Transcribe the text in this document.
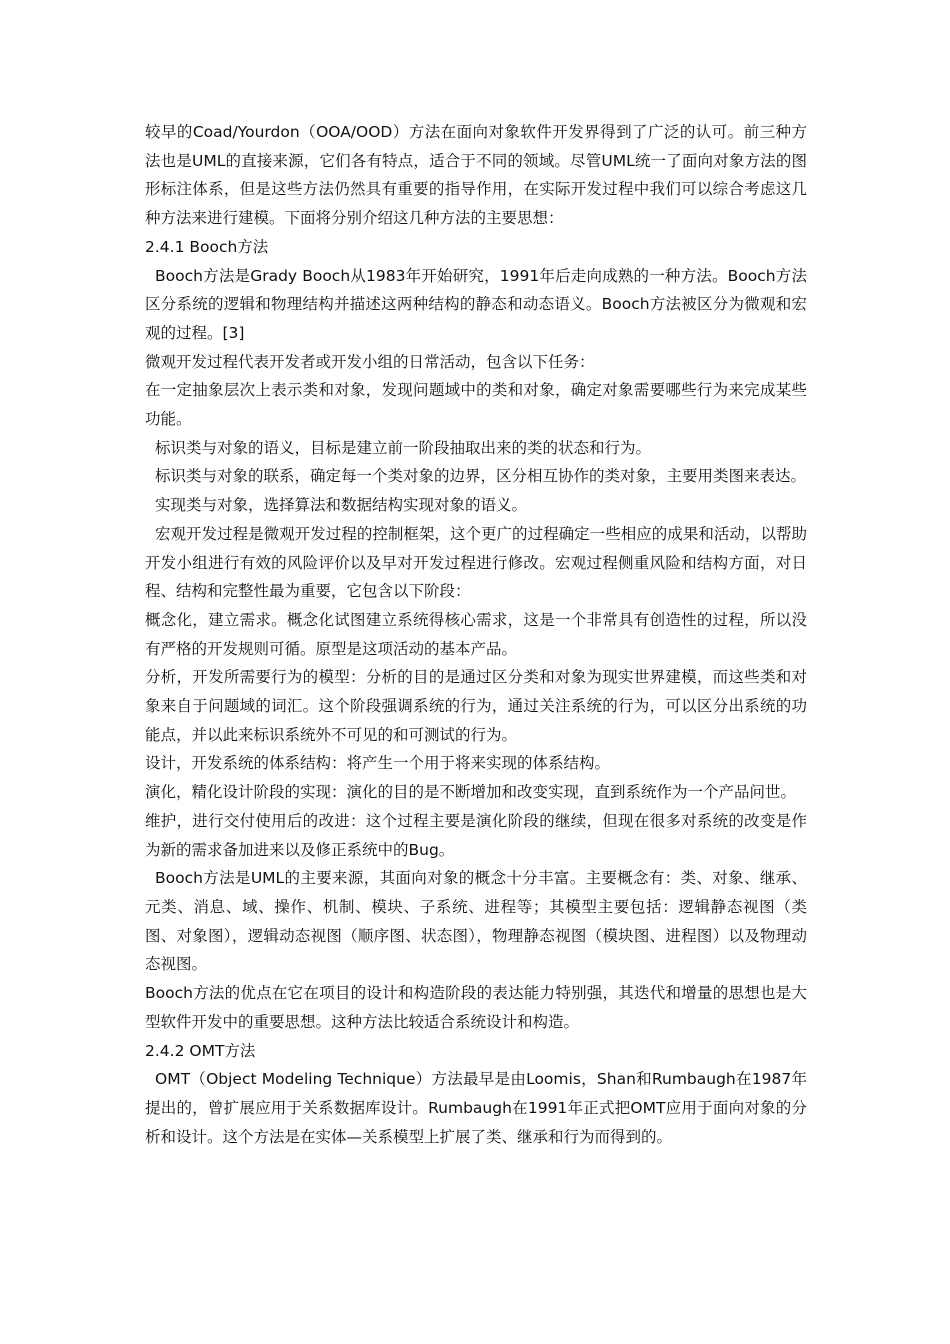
较早的Coad/Yourdon（OOA/OOD）方法在面向对象软件开发界得到了广泛的认可。前三种方法也是UML的直接来源，它们各有特点，适合于不同的领域。尽管UML统一了面向对象方法的图形标注体系，但是这些方法仍然具有重要的指导作用，在实际开发过程中我们可以综合考虑这几种方法来进行建模。下面将分别介绍这几种方法的主要思想：

2.4.1 Booch方法

Booch方法是Grady Booch从1983年开始研究，1991年后走向成熟的一种方法。Booch方法区分系统的逻辑和物理结构并描述这两种结构的静态和动态语义。Booch方法被区分为微观和宏观的过程。[3]

微观开发过程代表开发者或开发小组的日常活动，包含以下任务：

在一定抽象层次上表示类和对象，发现问题域中的类和对象，确定对象需要哪些行为来完成某些功能。

标识类与对象的语义，目标是建立前一阶段抽取出来的类的状态和行为。

标识类与对象的联系，确定每一个类对象的边界，区分相互协作的类对象，主要用类图来表达。

实现类与对象，选择算法和数据结构实现对象的语义。

宏观开发过程是微观开发过程的控制框架，这个更广的过程确定一些相应的成果和活动，以帮助开发小组进行有效的风险评价以及早对开发过程进行修改。宏观过程侧重风险和结构方面，对日程、结构和完整性最为重要，它包含以下阶段：

概念化，建立需求。概念化试图建立系统得核心需求，这是一个非常具有创造性的过程，所以没有严格的开发规则可循。原型是这项活动的基本产品。

分析，开发所需要行为的模型：分析的目的是通过区分类和对象为现实世界建模，而这些类和对象来自于问题域的词汇。这个阶段强调系统的行为，通过关注系统的行为，可以区分出系统的功能点，并以此来标识系统外不可见的和可测试的行为。

设计，开发系统的体系结构：将产生一个用于将来实现的体系结构。

演化，精化设计阶段的实现：演化的目的是不断增加和改变实现，直到系统作为一个产品问世。

维护，进行交付使用后的改进：这个过程主要是演化阶段的继续，但现在很多对系统的改变是作为新的需求备加进来以及修正系统中的Bug。

Booch方法是UML的主要来源，其面向对象的概念十分丰富。主要概念有：类、对象、继承、元类、消息、域、操作、机制、模块、子系统、进程等；其模型主要包括：逻辑静态视图（类图、对象图），逻辑动态视图（顺序图、状态图），物理静态视图（模块图、进程图）以及物理动态视图。

Booch方法的优点在它在项目的设计和构造阶段的表达能力特别强，其迭代和增量的思想也是大型软件开发中的重要思想。这种方法比较适合系统设计和构造。

2.4.2 OMT方法

OMT（Object Modeling Technique）方法最早是由Loomis，Shan和Rumbaugh在1987年提出的，曾扩展应用于关系数据库设计。Rumbaugh在1991年正式把OMT应用于面向对象的分析和设计。这个方法是在实体—关系模型上扩展了类、继承和行为而得到的。
